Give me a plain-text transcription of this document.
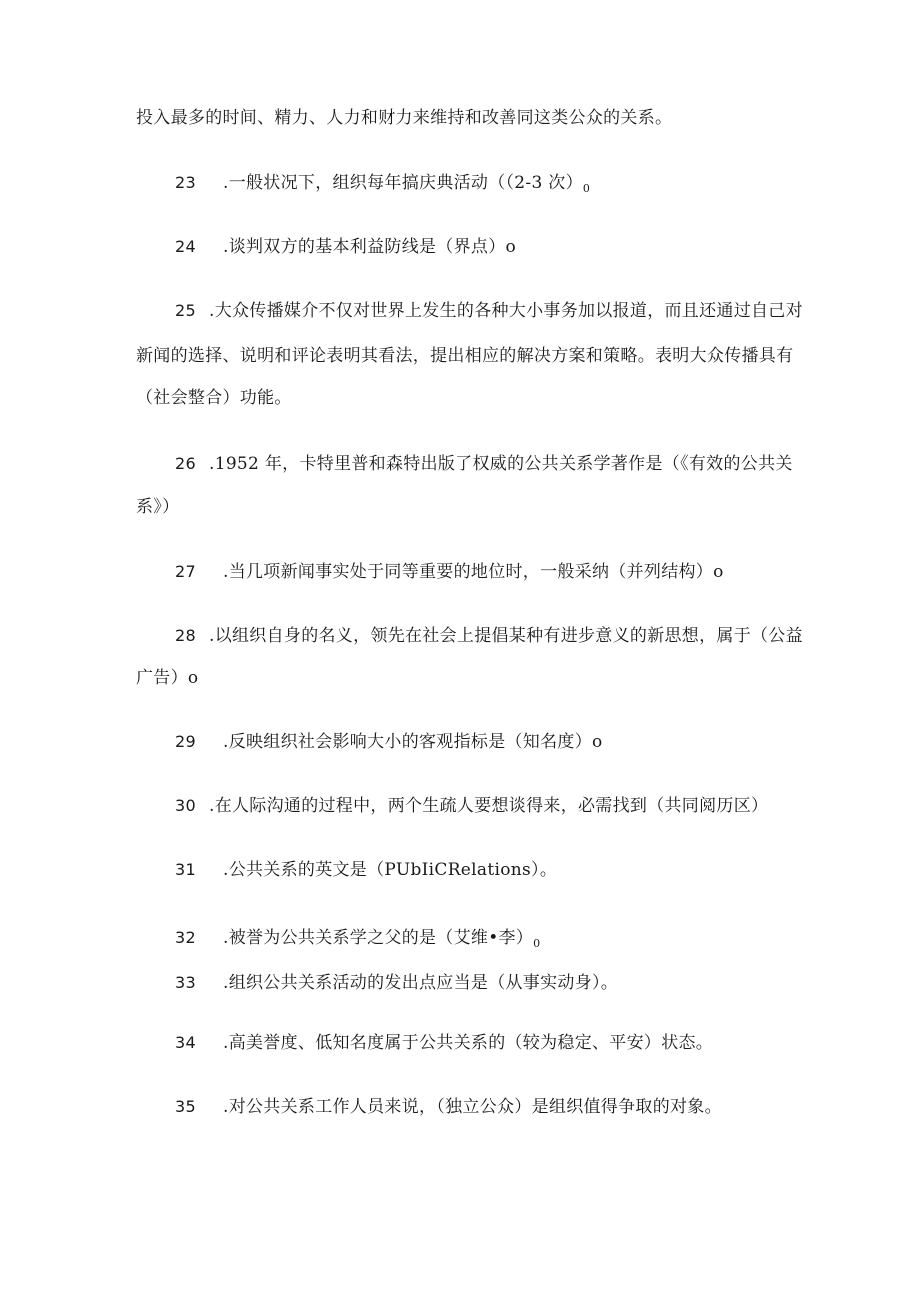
投入最多的时间、精力、人力和财力来维持和改善同这类公众的关系。
23 .一般状况下，组织每年搞庆典活动（（2-3 次）$_0$
24 .谈判双方的基本利益防线是（界点）o
25 .大众传播媒介不仅对世界上发生的各种大小事务加以报道，而且还通过自己对
新闻的选择、说明和评论表明其看法，提出相应的解决方案和策略。表明大众传播具有
（社会整合）功能。
26 .1952 年，卡特里普和森特出版了权威的公共关系学著作是（《有效的公共关
系》）
27 .当几项新闻事实处于同等重要的地位时，一般采纳（并列结构）o
28 .以组织自身的名义，领先在社会上提倡某种有进步意义的新思想，属于（公益
广告）o
29 .反映组织社会影响大小的客观指标是（知名度）o
30 .在人际沟通的过程中，两个生疏人要想谈得来，必需找到（共同阅历区）
31 .公共关系的英文是（PUbIiCRelations）。
32 .被誉为公共关系学之父的是（艾维•李）$_0$
33 .组织公共关系活动的发出点应当是（从事实动身）。
34 .高美誉度、低知名度属于公共关系的（较为稳定、平安）状态。
35 .对公共关系工作人员来说，（独立公众）是组织值得争取的对象。
